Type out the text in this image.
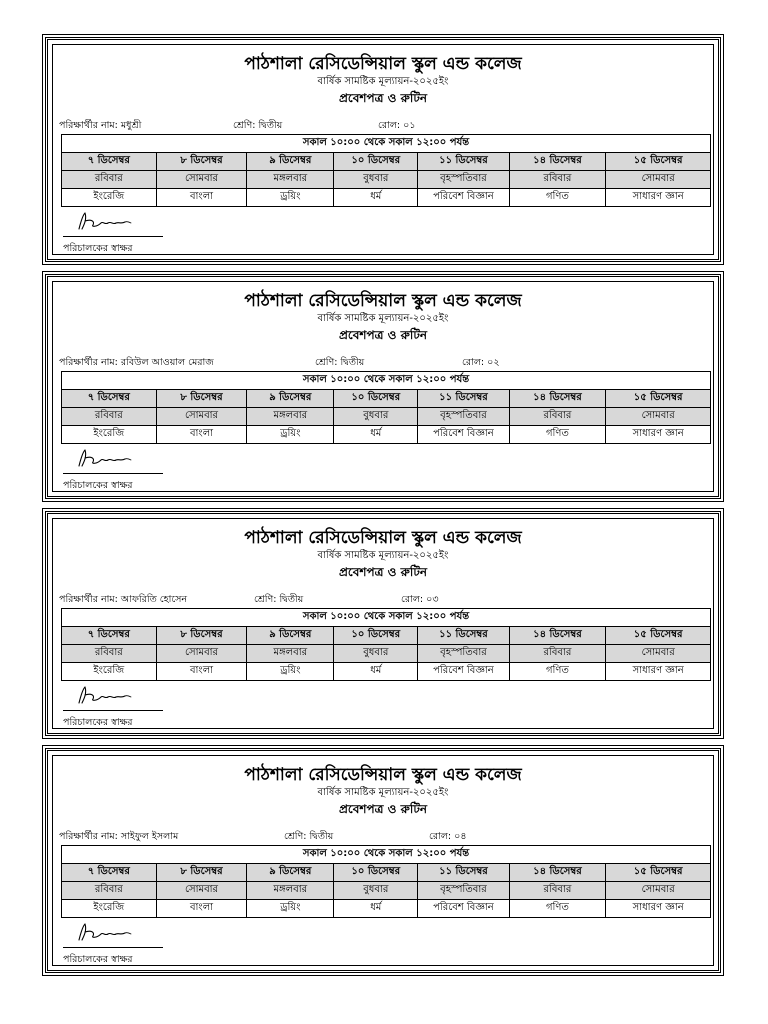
পাঠশালা রেসিডেন্সিয়াল স্কুল এন্ড কলেজ
বার্ষিক সামষ্টিক মূল্যায়ন-২০২৫ইং
প্রবেশপত্র ও রুটিন
পরিক্ষার্থীর নাম: মধুশ্রী	শ্রেণি: দ্বিতীয়	রোল: ০১
সকাল ১০:০০ থেকে সকাল ১২:০০ পর্যন্ত						
৭ ডিসেম্বর	৮ ডিসেম্বর	৯ ডিসেম্বর	১০ ডিসেম্বর	১১ ডিসেম্বর	১৪ ডিসেম্বর	১৫ ডিসেম্বর
রবিবার	সোমবার	মঙ্গলবার	বুধবার	বৃহস্পতিবার	রবিবার	সোমবার
ইংরেজি	বাংলা	ড্রয়িং	ধর্ম	পরিবেশ বিজ্ঞান	গণিত	সাধারণ জ্ঞান
পরিচালকের স্বাক্ষর
পাঠশালা রেসিডেন্সিয়াল স্কুল এন্ড কলেজ
বার্ষিক সামষ্টিক মূল্যায়ন-২০২৫ইং
প্রবেশপত্র ও রুটিন
পরিক্ষার্থীর নাম: রবিউল আওয়াল মেরাজ	শ্রেণি: দ্বিতীয়	রোল: ০২
সকাল ১০:০০ থেকে সকাল ১২:০০ পর্যন্ত						
৭ ডিসেম্বর	৮ ডিসেম্বর	৯ ডিসেম্বর	১০ ডিসেম্বর	১১ ডিসেম্বর	১৪ ডিসেম্বর	১৫ ডিসেম্বর
রবিবার	সোমবার	মঙ্গলবার	বুধবার	বৃহস্পতিবার	রবিবার	সোমবার
ইংরেজি	বাংলা	ড্রয়িং	ধর্ম	পরিবেশ বিজ্ঞান	গণিত	সাধারণ জ্ঞান
পরিচালকের স্বাক্ষর
পাঠশালা রেসিডেন্সিয়াল স্কুল এন্ড কলেজ
বার্ষিক সামষ্টিক মূল্যায়ন-২০২৫ইং
প্রবেশপত্র ও রুটিন
পরিক্ষার্থীর নাম: আফরিতি হোসেন	শ্রেণি: দ্বিতীয়	রোল: ০৩
সকাল ১০:০০ থেকে সকাল ১২:০০ পর্যন্ত						
৭ ডিসেম্বর	৮ ডিসেম্বর	৯ ডিসেম্বর	১০ ডিসেম্বর	১১ ডিসেম্বর	১৪ ডিসেম্বর	১৫ ডিসেম্বর
রবিবার	সোমবার	মঙ্গলবার	বুধবার	বৃহস্পতিবার	রবিবার	সোমবার
ইংরেজি	বাংলা	ড্রয়িং	ধর্ম	পরিবেশ বিজ্ঞান	গণিত	সাধারণ জ্ঞান
পরিচালকের স্বাক্ষর
পাঠশালা রেসিডেন্সিয়াল স্কুল এন্ড কলেজ
বার্ষিক সামষ্টিক মূল্যায়ন-২০২৫ইং
প্রবেশপত্র ও রুটিন
পরিক্ষার্থীর নাম: সাইফুল ইসলাম	শ্রেণি: দ্বিতীয়	রোল: ০৪
সকাল ১০:০০ থেকে সকাল ১২:০০ পর্যন্ত						
৭ ডিসেম্বর	৮ ডিসেম্বর	৯ ডিসেম্বর	১০ ডিসেম্বর	১১ ডিসেম্বর	১৪ ডিসেম্বর	১৫ ডিসেম্বর
রবিবার	সোমবার	মঙ্গলবার	বুধবার	বৃহস্পতিবার	রবিবার	সোমবার
ইংরেজি	বাংলা	ড্রয়িং	ধর্ম	পরিবেশ বিজ্ঞান	গণিত	সাধারণ জ্ঞান
পরিচালকের স্বাক্ষর
